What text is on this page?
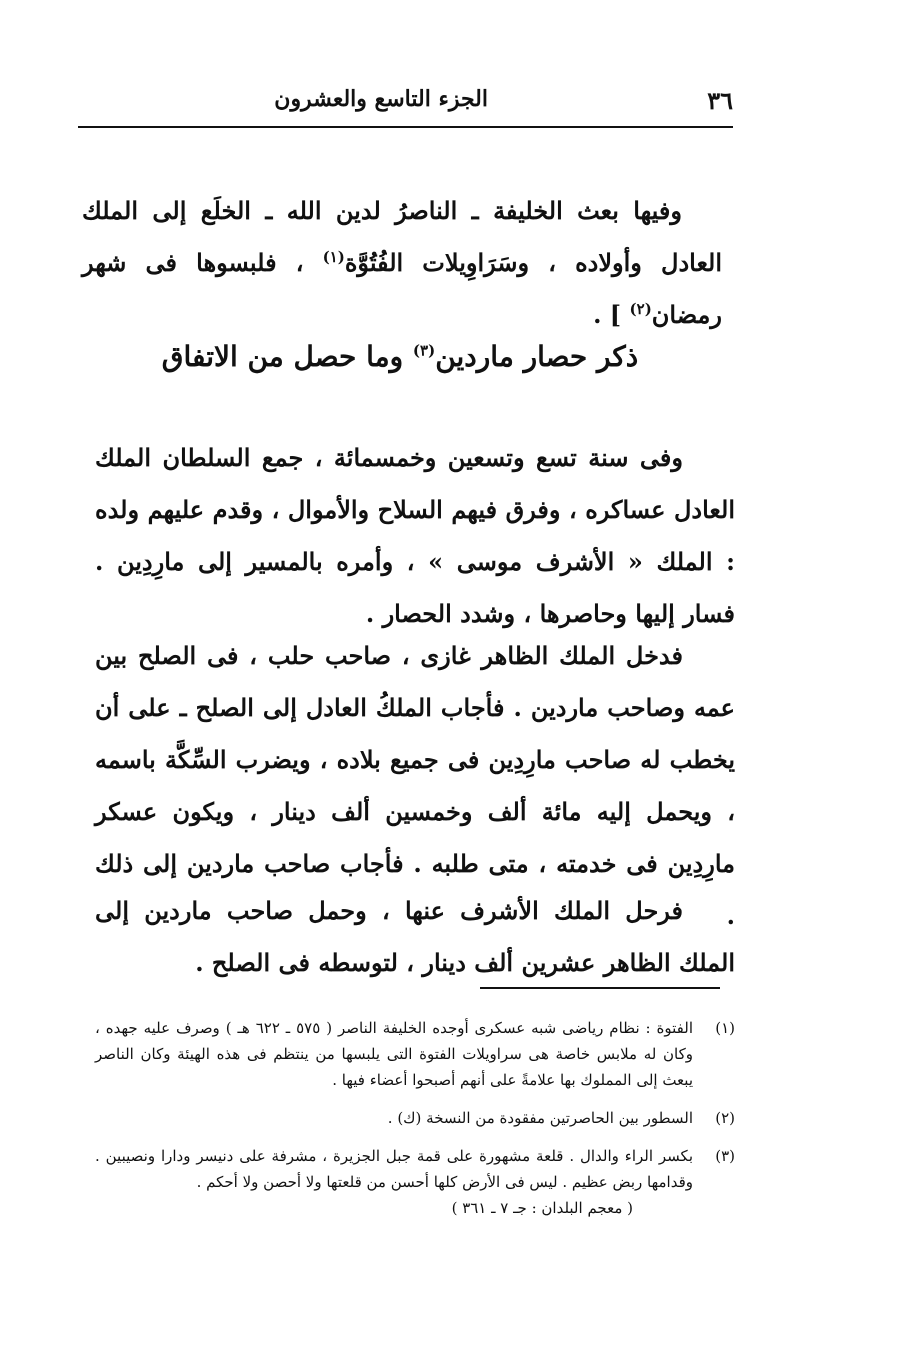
٣٦
الجزء التاسع والعشرون

وفيها بعث الخليفة ـ الناصرُ لدين الله ـ الخلَع إلى الملك العادل وأولاده ، وسَرَاوِيلات الفُتُوَّة$^{(١)}$ ، فلبسوها فى شهر رمضان$^{(٢)}$ ] .

ذكر حصار ماردين$^{(٣)}$ وما حصل من الاتفاق

وفى سنة تسع وتسعين وخمسمائة ، جمع السلطان الملك العادل عساكره ، وفرق فيهم السلاح والأموال ، وقدم عليهم ولده : الملك « الأشرف موسى » ، وأمره بالمسير إلى مارِدِين . فسار إليها وحاصرها ، وشدد الحصار .

فدخل الملك الظاهر غازى ، صاحب حلب ، فى الصلح بين عمه وصاحب ماردين . فأجاب الملكُ العادل إلى الصلح ـ على أن يخطب له صاحب مارِدِين فى جميع بلاده ، ويضرب السِّكَّة باسمه ، ويحمل إليه مائة ألف وخمسين ألف دينار ، ويكون عسكر مارِدِين فى خدمته ، متى طلبه . فأجاب صاحب ماردين إلى ذلك .

فرحل الملك الأشرف عنها ، وحمل صاحب ماردين إلى الملك الظاهر عشرين ألف دينار ، لتوسطه فى الصلح .

(١)
الفتوة : نظام رياضى شبه عسكرى أوجده الخليفة الناصر ( ٥٧٥ ـ ٦٢٢ هـ ) وصرف عليه جهده ، وكان له ملابس خاصة هى سراويلات الفتوة التى يلبسها من ينتظم فى هذه الهيئة وكان الناصر يبعث إلى المملوك بها علامةً على أنهم أصبحوا أعضاء فيها .
(٢)
السطور بين الحاصرتين مفقودة من النسخة (ك) .
(٣)
بكسر الراء والدال . قلعة مشهورة على قمة جبل الجزيرة ، مشرفة على دنيسر ودارا ونصيبين . وقدامها ربض عظيم . ليس فى الأرض كلها أحسن من قلعتها ولا أحصن ولا أحكم .
( معجم البلدان : جـ ٧ ـ ٣٦١ )
